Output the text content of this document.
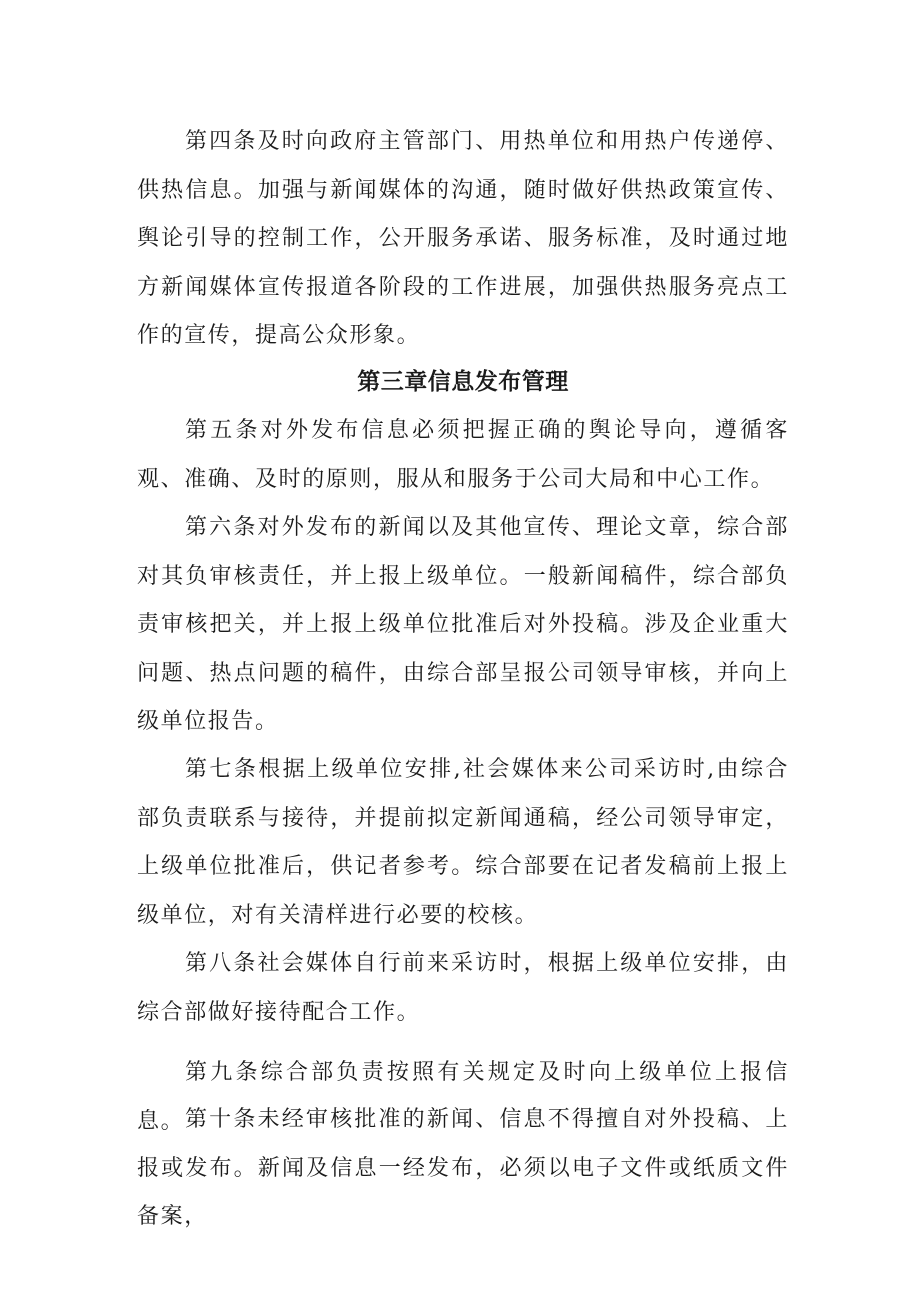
第四条及时向政府主管部门、用热单位和用热户传递停、供热信息。加强与新闻媒体的沟通，随时做好供热政策宣传、舆论引导的控制工作，公开服务承诺、服务标准，及时通过地方新闻媒体宣传报道各阶段的工作进展，加强供热服务亮点工作的宣传，提高公众形象。

第三章信息发布管理

第五条对外发布信息必须把握正确的舆论导向，遵循客观、准确、及时的原则，服从和服务于公司大局和中心工作。

第六条对外发布的新闻以及其他宣传、理论文章，综合部对其负审核责任，并上报上级单位。一般新闻稿件，综合部负责审核把关，并上报上级单位批准后对外投稿。涉及企业重大问题、热点问题的稿件，由综合部呈报公司领导审核，并向上级单位报告。

第七条根据上级单位安排,社会媒体来公司采访时,由综合部负责联系与接待，并提前拟定新闻通稿，经公司领导审定，上级单位批准后，供记者参考。综合部要在记者发稿前上报上级单位，对有关清样进行必要的校核。

第八条社会媒体自行前来采访时，根据上级单位安排，由综合部做好接待配合工作。

第九条综合部负责按照有关规定及时向上级单位上报信息。 第十条未经审核批准的新闻、信息不得擅自对外投稿、上报或发布。新闻及信息一经发布，必须以电子文件或纸质文件备案，
